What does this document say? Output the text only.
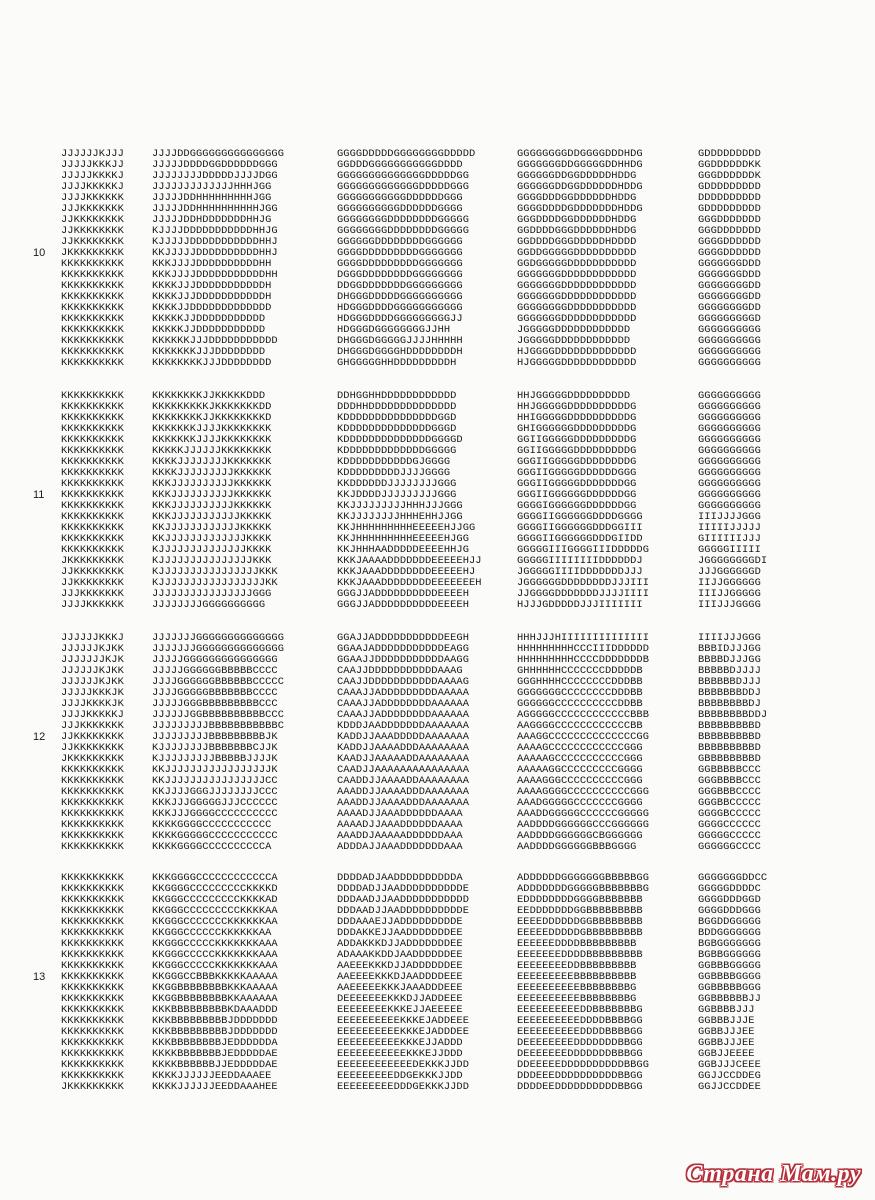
JJJJJJKJJJ	JJJJDDGGGGGGGGGGGGGGG	GGGGDDDDDGGGGGGGGDDDDD	GGGGGGGGDDGGGGDDDHDG	GDDDDDDDDD
JJJJJKKKJJ	JJJJJDDDDGGDDDDDDGGG	GGDDDGGGGGGGGGGGDDDD	GGGGGGGDDGGGGGDDHHDG	GGDDDDDDKK
JJJJJKKKKJ	JJJJJJJJDDDDDJJJJDGG	GGGGGGGGGGGGGGDDDDDGG	GGGGGGDDGGDDDDDHDDG	GGGDDDDDDK
JJJJKKKKKJ	JJJJJJJJJJJJJHHHJGG	GGGGGGGGGGGGGDDDDDGGG	GGGGGGDDGGDDDDDDHDDG	GDDDDDDDDD
JJJJKKKKKK	JJJJJDDHHHHHHHHHJGG	GGGGGGGGGGGDDDDDDGGG	GGGGDDDGGDDDDDDHDDG	DDDDDDDDDD
JJJKKKKKKK	JJJJJDDHHHHHHHHHHJGG	GGGGGGGGGGDDDDDDGGGG	GGGGDDDDGDDDDDDDHDDG	GDDDDDDDDD
JJKKKKKKKK	JJJJJDDHDDDDDDDHHJG	GGGGGGGGDDDDDDDDGGGGG	GGGDDDDGGDDDDDDHDDG	GGGDDDDDDD
JJKKKKKKKK	KJJJJDDDDDDDDDDDHHJG	GGGGGGGGDDDDDDDDGGGGG	GGDDDDGGGDDDDDDHDDG	GGGDDDDDDD
JJKKKKKKKK	KJJJJJDDDDDDDDDDDHHJ	GGGGGGDDDDDDDDGGGGGG	GGDDDDGGGDDDDDHDDDD	GGGGDDDDDD
JKKKKKKKKK	KKJJJJJDDDDDDDDDDHHJ	GGGGDDDDDDDDDGGGGGGG	GGDDGGGGGDDDDDDDDDD	GGGGDDDDDD
KKKKKKKKKK	KKKJJJJDDDDDDDDDDHH	GGGGDDDDDDDDDGGGGGGG	GGDGGGGGDDDDDDDDDDD	GGGGGGGDDD
KKKKKKKKKK	KKKJJJJDDDDDDDDDDDHH	DGGGDDDDDDDDGGGGGGGG	GGGGGGGDDDDDDDDDDDD	GGGGGGGDDD
KKKKKKKKKK	KKKKJJJDDDDDDDDDDDH	DDGGDDDDDDDGGGGGGGGG	GGGGGGGDDDDDDDDDDDD	GGGGGGGGDD
KKKKKKKKKK	KKKKJJJDDDDDDDDDDDH	DHGGGDDDDDGGGGGGGGGG	GGGGGGGDDDDDDDDDDDD	GGGGGGGGDD
KKKKKKKKKK	KKKKJJDDDDDDDDDDDDD	HDGGGDDDDGGGGGGGGGGG	GGGGGGGGDDDDDDDDDDD	GGGGGGGGDD
KKKKKKKKKK	KKKKKJJDDDDDDDDDDD	HDGGGDDDDGGGGGGGGGJJ	GGGGGGGDDDDDDDDDDDD	GGGGGGGGGD
KKKKKKKKKK	KKKKKJJDDDDDDDDDDD	HDGGGDGGGGGGGGJJHH	JGGGGGDDDDDDDDDDDD	GGGGGGGGGG
KKKKKKKKKK	KKKKKKJJJDDDDDDDDDDD	DHGGGDGGGGGJJJJHHHHH	JGGGGGDDDDDDDDDDDD	GGGGGGGGGG
KKKKKKKKKK	KKKKKKKJJJDDDDDDDD	DHGGGDGGGGHDDDDDDDDH	HJGGGGDDDDDDDDDDDDD	GGGGGGGGGG
KKKKKKKKKK	KKKKKKKKJJJDDDDDDDD	GHGGGGGHHDDDDDDDDDH	HJGGGGGDDDDDDDDDDDD	GGGGGGGGGG
10
KKKKKKKKKK	KKKKKKKKJJKKKKKDDD	DDHGGHHDDDDDDDDDDDD	HHJGGGGGDDDDDDDDDD	GGGGGGGGGG
KKKKKKKKKK	KKKKKKKKKJKKKKKKKDD	DDDHHDDDDDDDDDDDDDD	HHJGGGGGDDDDDDDDDDG	GGGGGGGGGG
KKKKKKKKKK	KKKKKKKKJJKKKKKKKKD	KDDDDDDDDDDDDDDDGGD	HHIGGGGGDDDDDDDDDDG	GGGGGGGGGG
KKKKKKKKKK	KKKKKKKJJJJKKKKKKKK	KDDDDDDDDDDDDDDGGGD	GHIGGGGGGDDDDDDDDDG	GGGGGGGGGG
KKKKKKKKKK	KKKKKKKJJJJKKKKKKKK	KDDDDDDDDDDDDDDGGGGD	GGIIGGGGGDDDDDDDDDG	GGGGGGGGGG
KKKKKKKKKK	KKKKKJJJJJJKKKKKKKK	KDDDDDDDDDDDDDGGGGG	GGIIGGGGGDDDDDDDDDG	GGGGGGGGGG
KKKKKKKKKK	KKKKJJJJJJJJKKKKKKK	KDDDDDDDDDDDGJGGGG	GGGIIGGGGGDDDDDDDDG	GGGGGGGGGG
KKKKKKKKKK	KKKKJJJJJJJJJKKKKKK	KDDDDDDDDDJJJJGGGG	GGGIIGGGGGDDDDDDGGG	GGGGGGGGGG
KKKKKKKKKK	KKKJJJJJJJJJJKKKKKK	KKDDDDDDJJJJJJJJGGG	GGGIIGGGGGDDDDDDDGG	GGGGGGGGGG
KKKKKKKKKK	KKKJJJJJJJJJJKKKKKK	KKJDDDDJJJJJJJJJGGG	GGGIIGGGGGGDDDDDDGG	GGGGGGGGGG
KKKKKKKKKK	KKKJJJJJJJJJJKKKKKK	KKJJJJJJJJJHHHJJJGGG	GGGGIGGGGGGDDDDDDGG	GGGGGGGGGG
KKKKKKKKKK	KKKJJJJJJJJJJJKKKKK	KKJJJJJJJJHHHEHHJJGG	GGGGIIGGGGGGDDDDGGGG	IIIJJJJGGG
KKKKKKKKKK	KKJJJJJJJJJJJJKKKKK	KKJHHHHHHHHHEEEEEHJJGG	GGGGIIGGGGGGDDDGGIII	IIIIIJJJJJ
KKKKKKKKKK	KKJJJJJJJJJJJJJKKKK	KKJHHHHHHHHHEEEEEHJGG	GGGGIIGGGGGGDDDGIIDD	GIIIIIIJJJ
KKKKKKKKKK	KJJJJJJJJJJJJJJKKKK	KKJHHHAADDDDDEEEEHHJG	GGGGGIIIGGGGIIIDDDDDG	GGGGGIIIII
JKKKKKKKKK	KJJJJJJJJJJJJJJJKKK	KKKJAAAADDDDDDDEEEEEHJJ	GGGGGIIIIIIIIDDDDDDJ	JGGGGGGGGDI
JJKKKKKKKK	KJJJJJJJJJJJJJJJJKKK	KKKJAAADDDDDDDDEEEEEHJ	JGGGGGIIIIDDDDDDDJJJ	JJJGGGGGGD
JJKKKKKKKK	KJJJJJJJJJJJJJJJJJKK	KKKJAAADDDDDDDDEEEEEEEH	JGGGGGGDDDDDDDDJJJIII	IIJJGGGGGG
JJJKKKKKKK	JJJJJJJJJJJJJJJJGGG	GGGJJADDDDDDDDDDEEEEH	JJGGGGDDDDDDDJJJJIIII	IIIJJGGGGG
JJJJKKKKKK	JJJJJJJJGGGGGGGGGG	GGGJJADDDDDDDDDDEEEEH	HJJJGDDDDDJJJIIIIIII	IIIJJJGGGG
11
JJJJJJKKKJ	JJJJJJJGGGGGGGGGGGGGG	GGAJJADDDDDDDDDDDEEGH	HHHJJJHIIIIIIIIIIIIII	IIIIJJJGGG
JJJJJJKJKK	JJJJJJJGGGGGGGGGGGGGG	GGAAJADDDDDDDDDDDEAGG	HHHHHHHHHCCCIIIDDDDDD	BBBIDJJJGG
JJJJJJJKJK	JJJJJGGGGGGGGGGGGGGG	GGAAJJDDDDDDDDDDDAAGG	HHHHHHHHHCCCCDDDDDDDB	BBBBDJJJGG
JJJJJJKJKK	JJJJJGGGGGGBBBBBCCCC	CAAJJDDDDDDDDDDDAAAG	GHHHHHHCCCCCCCDDDDDB	BBBBBDJJJJ
JJJJJJKJKK	JJJJGGGGGGBBBBBBCCCCC	CAAJJDDDDDDDDDDDAAAAG	GGGHHHHCCCCCCCCDDDBB	BBBBBBDJJJ
JJJJJKKKJK	JJJJGGGGGBBBBBBBCCCC	CAAAJJADDDDDDDDDAAAAA	GGGGGGGCCCCCCCCDDDBB	BBBBBBBDDJ
JJJJKKKKJK	JJJJJGGGBBBBBBBBBCCC	CAAAJJADDDDDDDDAAAAAA	GGGGGGCCCCCCCCCCDDBB	BBBBBBBBDJ
JJJJKKKKKJ	JJJJJJGGBBBBBBBBBBCCC	CAAAJJADDDDDDDDAAAAAA	AGGGGGCCCCCCCCCCCCBBB	BBBBBBBBDDJ
JJJKKKKKKK	JJJJJJJJJBBBBBBBBBBBC	KDDDJAADDDDDDDAAAAAAA	AAGGGGCCCCCCCCCCCCBB	BBBBBBBBBD
JJKKKKKKKK	JJJJJJJJJBBBBBBBBBJK	KADDJJAAADDDDDAAAAAAA	AAAGGCCCCCCCCCCCCCCGG	BBBBBBBBBD
JJKKKKKKKK	KJJJJJJJJBBBBBBBCJJK	KADDJJAAAADDDAAAAAAAA	AAAAGCCCCCCCCCCCCGGG	BBBBBBBBBD
JKKKKKKKKK	KJJJJJJJJJBBBBBJJJJK	KAADJJAAAAADDAAAAAAAA	AAAAAGCCCCCCCCCCCGGG	GBBBBBBBBD
KKKKKKKKKK	KKJJJJJJJJJJJJJJJJJK	CAADJJAAAAAAAAAAAAAAA	AAAAAGGCCCCCCCCCGGGG	GGBBBBBCCC
KKKKKKKKKK	KKJJJJJJJJJJJJJJJJCC	CAADDJJAAAADDAAAAAAAA	AAAAGGGCCCCCCCCCCGGG	GGGBBBBCCC
KKKKKKKKKK	KKJJJJGGGJJJJJJJJCCC	AAADDJJAAAADDDAAAAAAA	AAAAGGGGCCCCCCCCCCGGG	GGGBBBCCCC
KKKKKKKKKK	KKKJJJGGGGGJJJCCCCCC	AAADDJJAAAADDDAAAAAAA	AAADGGGGGCCCCCCCGGGG	GGGBBCCCCC
KKKKKKKKKK	KKKJJJGGGGCCCCCCCCCC	AAAADJJAAADDDDDDAAAA	AAADDGGGGGCCCCCCGGGGG	GGGGBCCCCC
KKKKKKKKKK	KKKKGGGGCCCCCCCCCCC	AAAADJJAAADDDDDDAAAA	AADDDDGGGGGGCCCGGGGGG	GGGGCCCCCC
KKKKKKKKKK	KKKKGGGGGCCCCCCCCCCC	AAADDJAAAAADDDDDDAAA	AADDDDGGGGGGCBGGGGGG	GGGGGCCCCC
KKKKKKKKKK	KKKKGGGGCCCCCCCCCCA	ADDDAJJAAADDDDDDDAAA	AADDDDGGGGGGBBBGGGG	GGGGGGCCCC
12
KKKKKKKKKK	KKKGGGGCCCCCCCCCCCCA	DDDDADJAADDDDDDDDDDA	ADDDDDDGGGGGGGBBBBBGG	GGGGGGGDDCC
KKKKKKKKKK	KKGGGGCCCCCCCCCKKKKD	DDDDADJJAADDDDDDDDDDE	ADDDDDDDGGGGGBBBBBBBG	GGGGGDDDDC
KKKKKKKKKK	KKGGGCCCCCCCCCKKKKAD	DDDAADJJAADDDDDDDDDDD	EDDDDDDDDGGGGBBBBBBB	GGGGDDDGGD
KKKKKKKKKK	KKGGGCCCCCCCCCKKKKAA	DDDAADJJAADDDDDDDDDDE	EEDDDDDDDGGBBBBBBBBB	GGGGDDDGGG
KKKKKKKKKK	KKGGGCCCCCCCKKKKKKAA	DDDAAAEJJADDDDDDDDDE	EEEEDDDDDDGGBBBBBBBB	BGGDDGGGGG
KKKKKKKKKK	KKGGGCCCCCCKKKKKKAA	DDDAKKEJJAADDDDDDDEE	EEEEEDDDDDGBBBBBBBBB	BDDGGGGGGG
KKKKKKKKKK	KKGGGCCCCCKKKKKKKAAA	ADDAKKKDJJADDDDDDDEE	EEEEEEDDDDBBBBBBBBB	BGBGGGGGGG
KKKKKKKKKK	KKGGGCCCCCKKKKKKKAAA	ADAAAKKDDJAADDDDDDEE	EEEEEEEDDDDBBBBBBBBB	BGBBGGGGGG
KKKKKKKKKK	KKGGGCCCCCKKKKKKKAAA	AAEEEKKKDJJADDDDDDEE	EEEEEEEEDDBBBBBBBBB	GGBBBGGGGG
KKKKKKKKKK	KKGGGCCBBBKKKKKAAAAA	AAEEEEKKKDJAADDDDEEE	EEEEEEEEEBBBBBBBBBB	GGBBBBGGGG
KKKKKKKKKK	KKGGBBBBBBBBKKKAAAAA	AAEEEEEKKKJAAADDDEEE	EEEEEEEEEEBBBBBBBBG	GGBBBBBGGG
KKKKKKKKKK	KKGGBBBBBBBBKKAAAAAA	DEEEEEEEKKKDJJADDEEE	EEEEEEEEEEBBBBBBBBG	GGBBBBBBJJ
KKKKKKKKKK	KKKBBBBBBBBBKDAAADDD	EEEEEEEEKKKEJJAEEEEE	EEEEEEEEEEDDBBBBBBBG	GGBBBBJJJ
KKKKKKKKKK	KKKBBBBBBBBBJDDDDDDD	EEEEEEEEEEKKKEJADDEEE	EEEEEEEEEEDDDDBBBBGG	GGBBBJJJE
KKKKKKKKKK	KKKBBBBBBBBBJDDDDDDD	EEEEEEEEEEKKKEJADDDEE	EEEEEEEEEEDDDDBBBBGG	GGBBJJJEE
KKKKKKKKKK	KKKBBBBBBBBJEDDDDDDA	EEEEEEEEEEKKKEJJADDD	DEEEEEEEEDDDDDDDBBGG	GGBBJJJEE
KKKKKKKKKK	KKKKBBBBBBBJEDDDDDAE	EEEEEEEEEEEKKKEJJDDD	DEEEEEEEDDDDDDDBBBGG	GGBJJEEEE
KKKKKKKKKK	KKKKBBBBBBJJEDDDDDAE	EEEEEEEEEEEEDEKKKJJDD	DDEEEEEDDDDDDDDDDBBGG	GGBJJJCEEE
KKKKKKKKKK	KKKKJJJJJJEEDDAAAEE	EEEEEEEEEDDGEKKKJJDD	DDDEEEDDDDDDDDDDBBGG	GGJJCCDDEG
JKKKKKKKKK	KKKKJJJJJJEEDDAAAHEE	EEEEEEEEEDDDGEKKKJJDD	DDDDEEDDDDDDDDDDBBGG	GGJJCCDDEE
13
Страна Мам.ру
